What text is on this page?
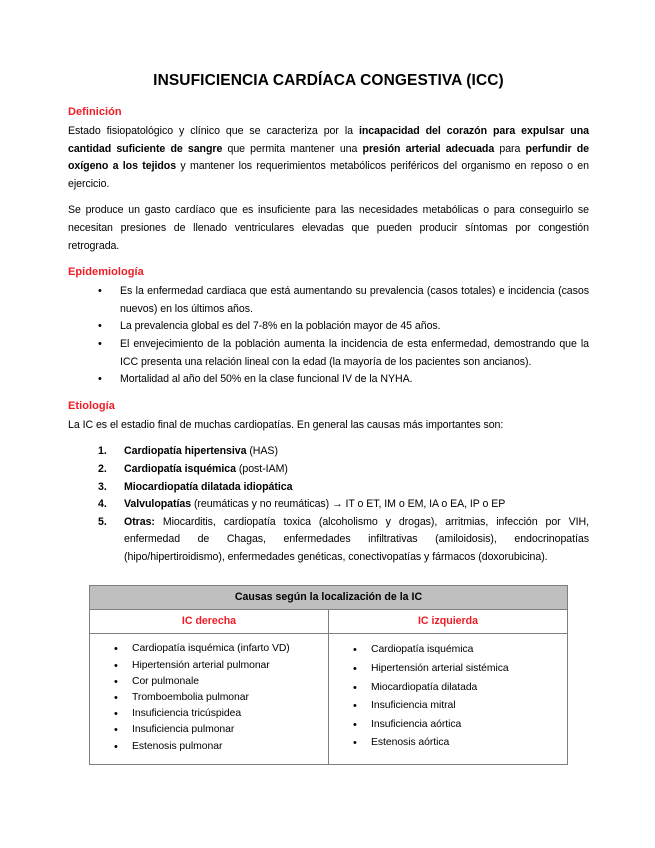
INSUFICIENCIA CARDÍACA CONGESTIVA (ICC)
Definición

Estado fisiopatológico y clínico que se caracteriza por la incapacidad del corazón para expulsar una cantidad suficiente de sangre que permita mantener una presión arterial adecuada para perfundir de oxígeno a los tejidos y mantener los requerimientos metabólicos periféricos del organismo en reposo o en ejercicio.

Se produce un gasto cardíaco que es insuficiente para las necesidades metabólicas o para conseguirlo se necesitan presiones de llenado ventriculares elevadas que pueden producir síntomas por congestión retrograda.

Epidemiología
• Es la enfermedad cardiaca que está aumentando su prevalencia (casos totales) e incidencia (casos nuevos) en los últimos años.
• La prevalencia global es del 7-8% en la población mayor de 45 años.
• El envejecimiento de la población aumenta la incidencia de esta enfermedad, demostrando que la ICC presenta una relación lineal con la edad (la mayoría de los pacientes son ancianos).
• Mortalidad al año del 50% en la clase funcional IV de la NYHA.
Etiología

La IC es el estadio final de muchas cardiopatías. En general las causas más importantes son:

Cardiopatía hipertensiva (HAS)
Cardiopatía isquémica (post-IAM)
Miocardiopatía dilatada idiopática
Valvulopatías (reumáticas y no reumáticas) → IT o ET, IM o EM, IA o EA, IP o EP
Otras: Miocarditis, cardiopatía toxica (alcoholismo y drogas), arritmias, infección por VIH, enfermedad de Chagas, enfermedades infiltrativas (amiloidosis), endocrinopatías (hipo/hipertiroidismo), enfermedades genéticas, conectivopatías y fármacos (doxorubicina).
Causas según la localización de la IC	
IC derecha	IC izquierda

• Cardiopatía isquémica (infarto VD)
• Hipertensión arterial pulmonar
• Cor pulmonale
• Tromboembolia pulmonar
• Insuficiencia tricúspidea
• Insuficiencia pulmonar
• Estenosis pulmonar

• Cardiopatía isquémica
• Hipertensión arterial sistémica
• Miocardiopatía dilatada
• Insuficiencia mitral
• Insuficiencia aórtica
• Estenosis aórtica
